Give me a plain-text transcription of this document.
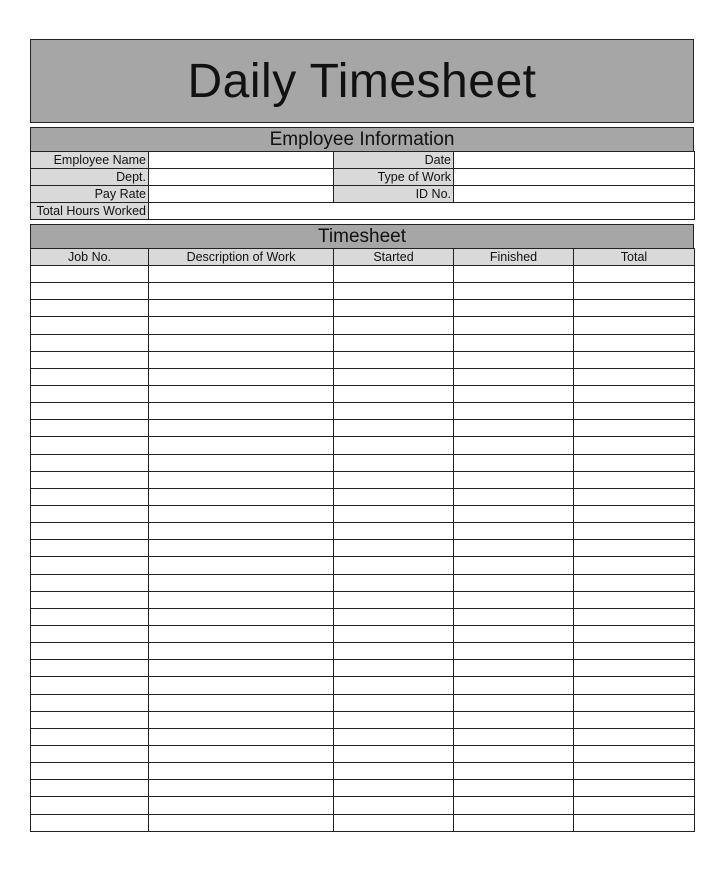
Daily Timesheet
Employee Information
Employee Name		Date	
Dept.		Type of Work	
Pay Rate		ID No.	
Total Hours Worked			
Timesheet
Job No.	Description of Work	Started	Finished	Total
